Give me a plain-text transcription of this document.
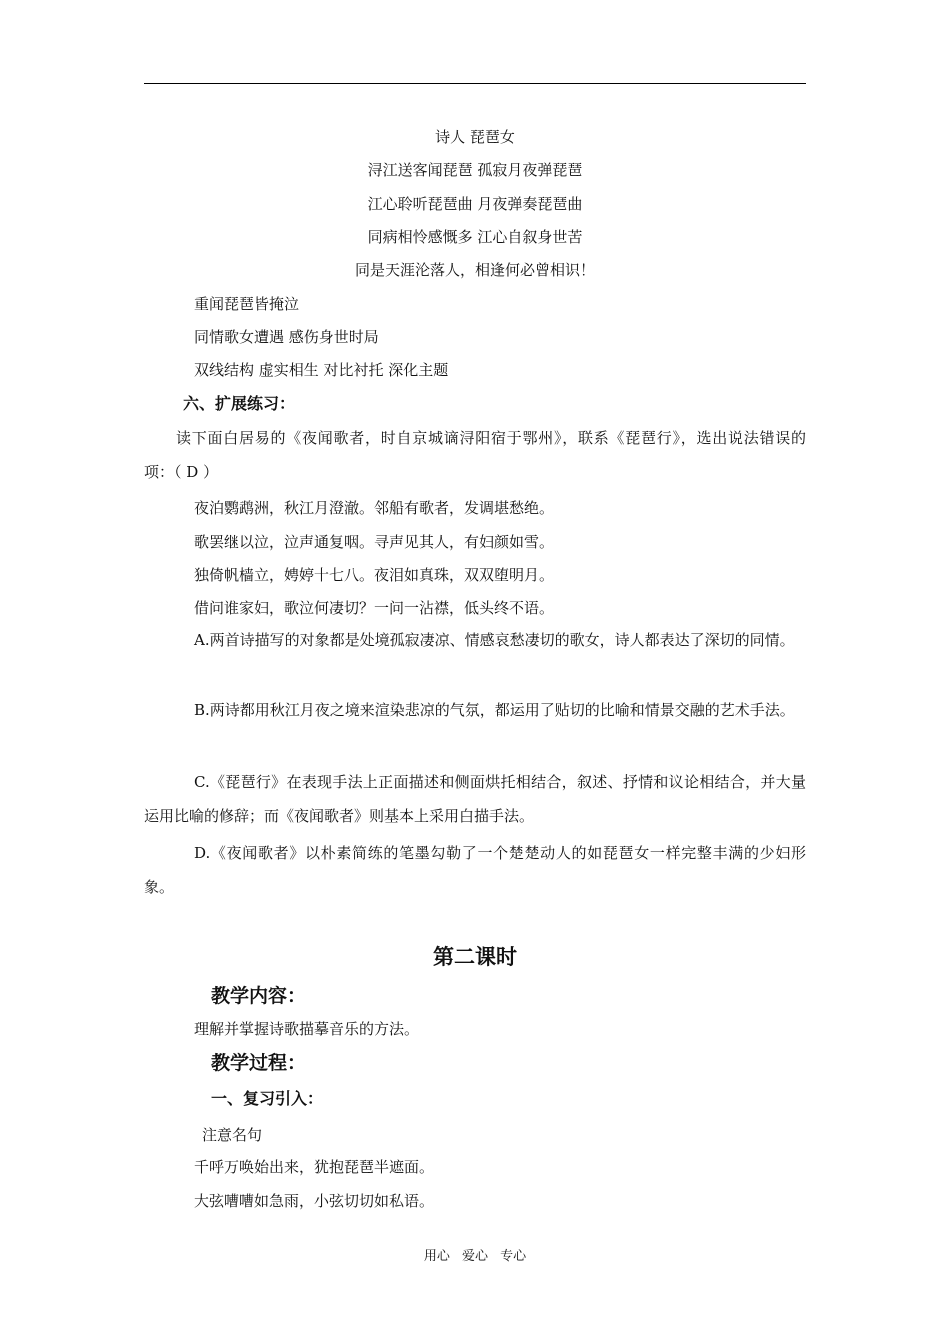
诗人 琵琶女
浔江送客闻琵琶 孤寂月夜弹琵琶
江心聆听琵琶曲 月夜弹奏琵琶曲
同病相怜感慨多 江心自叙身世苦
同是天涯沦落人，相逢何必曾相识！
重闻琵琶皆掩泣
同情歌女遭遇 感伤身世时局
双线结构 虚实相生 对比衬托 深化主题
六、扩展练习：
读下面白居易的《夜闻歌者，时自京城谪浔阳宿于鄂州》，联系《琵琶行》，选出说法错误的项：（ D ）
夜泊鹦鹉洲，秋江月澄澈。邻船有歌者，发调堪愁绝。
歌罢继以泣，泣声通复咽。寻声见其人，有妇颜如雪。
独倚帆樯立，娉婷十七八。夜泪如真珠，双双堕明月。
借问谁家妇，歌泣何凄切？一问一沾襟，低头终不语。
A.两首诗描写的对象都是处境孤寂凄凉、情感哀愁凄切的歌女，诗人都表达了深切的同情。
B.两诗都用秋江月夜之境来渲染悲凉的气氛，都运用了贴切的比喻和情景交融的艺术手法。
C.《琵琶行》在表现手法上正面描述和侧面烘托相结合，叙述、抒情和议论相结合，并大量运用比喻的修辞；而《夜闻歌者》则基本上采用白描手法。
D.《夜闻歌者》以朴素简练的笔墨勾勒了一个楚楚动人的如琵琶女一样完整丰满的少妇形象。
第二课时
教学内容：
理解并掌握诗歌描摹音乐的方法。
教学过程：
一、复习引入：
注意名句
千呼万唤始出来，犹抱琵琶半遮面。
大弦嘈嘈如急雨，小弦切切如私语。
用心 爱心 专心
